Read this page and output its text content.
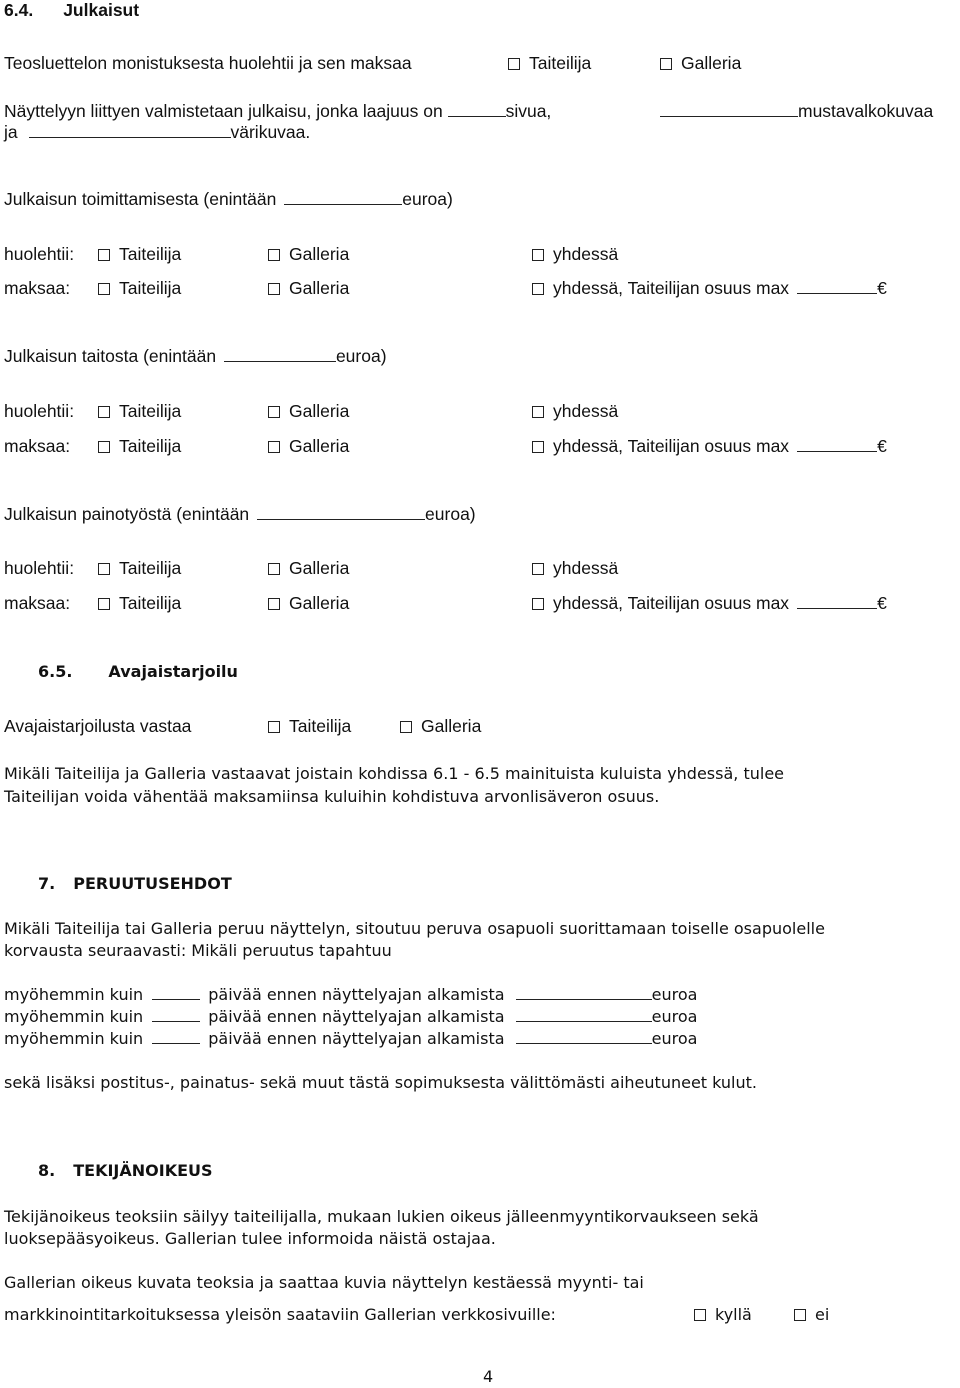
6.4. Julkaisut
Teosluettelon monistuksesta huolehtii ja sen maksaa	Taiteilija	Galleria
Näyttelyyn liittyen valmistetaan julkaisu, jonka laajuus on	sivua,	mustavalkokuvaa
ja	värikuvaa.
Julkaisun toimittamisesta (enintään	euroa)
huolehtii:	Taiteilija	Galleria	yhdessä
maksaa:	Taiteilija	Galleria	yhdessä, Taiteilijan osuus max	€
Julkaisun taitosta (enintään	euroa)
huolehtii:	Taiteilija	Galleria	yhdessä
maksaa:	Taiteilija	Galleria	yhdessä, Taiteilijan osuus max	€
Julkaisun painotyöstä (enintään	euroa)
huolehtii:	Taiteilija	Galleria	yhdessä
maksaa:	Taiteilija	Galleria	yhdessä, Taiteilijan osuus max	€
6.5. Avajaistarjoilu
Avajaistarjoilusta vastaa	Taiteilija	Galleria
Mikäli Taiteilija ja Galleria vastaavat joistain kohdissa 6.1 - 6.5 mainituista kuluista yhdessä, tulee
Taiteilijan voida vähentää maksamiinsa kuluihin kohdistuva arvonlisäveron osuus.
7. PERUUTUSEHDOT
Mikäli Taiteilija tai Galleria peruu näyttelyn, sitoutuu peruva osapuoli suorittamaan toiselle osapuolelle
korvausta seuraavasti: Mikäli peruutus tapahtuu
myöhemmin kuin	päivää ennen näyttelyajan alkamista	euroa
myöhemmin kuin	päivää ennen näyttelyajan alkamista	euroa
myöhemmin kuin	päivää ennen näyttelyajan alkamista	euroa
sekä lisäksi postitus-, painatus- sekä muut tästä sopimuksesta välittömästi aiheutuneet kulut.
8. TEKIJÄNOIKEUS
Tekijänoikeus teoksiin säilyy taiteilijalla, mukaan lukien oikeus jälleenmyyntikorvaukseen sekä
luoksepääsyoikeus. Gallerian tulee informoida näistä ostajaa.
Gallerian oikeus kuvata teoksia ja saattaa kuvia näyttelyn kestäessä myynti- tai
markkinointitarkoituksessa yleisön saataviin Gallerian verkkosivuille:	kyllä	ei
4
